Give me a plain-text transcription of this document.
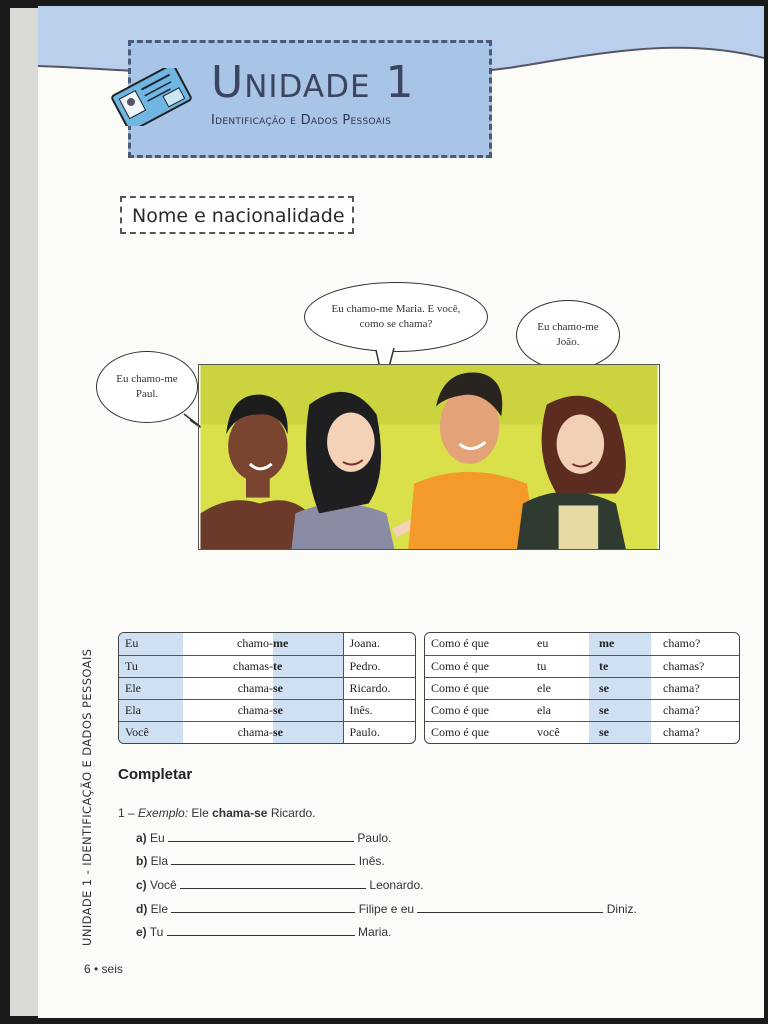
Unidade 1
Identificação e Dados Pessoais
Nome e nacionalidade
Eu chamo-me
Paul.
Eu chamo-me Maria. E você,
como se chama?	Eu chamo-me
João.
Eu	chamo-	me	Joana.
Tu	chamas-	te	Pedro.
Ele	chama-	se	Ricardo.
Ela	chama-	se	Inês.
Você	chama-	se	Paulo.
Como é que	eu	me	chamo?
Como é que	tu	te	chamas?
Como é que	ele	se	chama?
Como é que	ela	se	chama?
Como é que	você	se	chama?
Completar
1 – Exemplo: Ele chama-se Ricardo.
a) Eu	Paulo.
b) Ela	Inês.
c) Você	Leonardo.
d) Ele	Filipe e eu	Diniz.
e) Tu	Maria.
UNIDADE 1 - IDENTIFICAÇÃO E DADOS PESSOAIS
6 • seis
